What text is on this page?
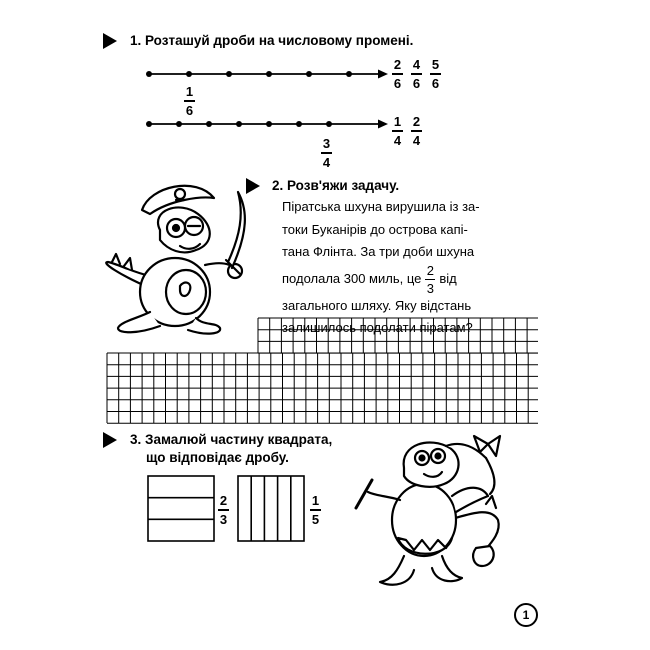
1. Розташуй дроби на числовому промені.
2
6
4
6
5
6
1
6
1
4
2
4
3
4
2. Розв'яжи задачу.
Піратська шхуна вирушила із за-
токи Буканірів до острова капі-
тана Флінта. За три доби шхуна
подолала 300 миль, це $\frac{2}{3}$ від
загального шляху. Яку відстань
залишилось подолати піратам?
3. Замалюй частину квадрата,
що відповідає дробу.
2
3
1
5
1
